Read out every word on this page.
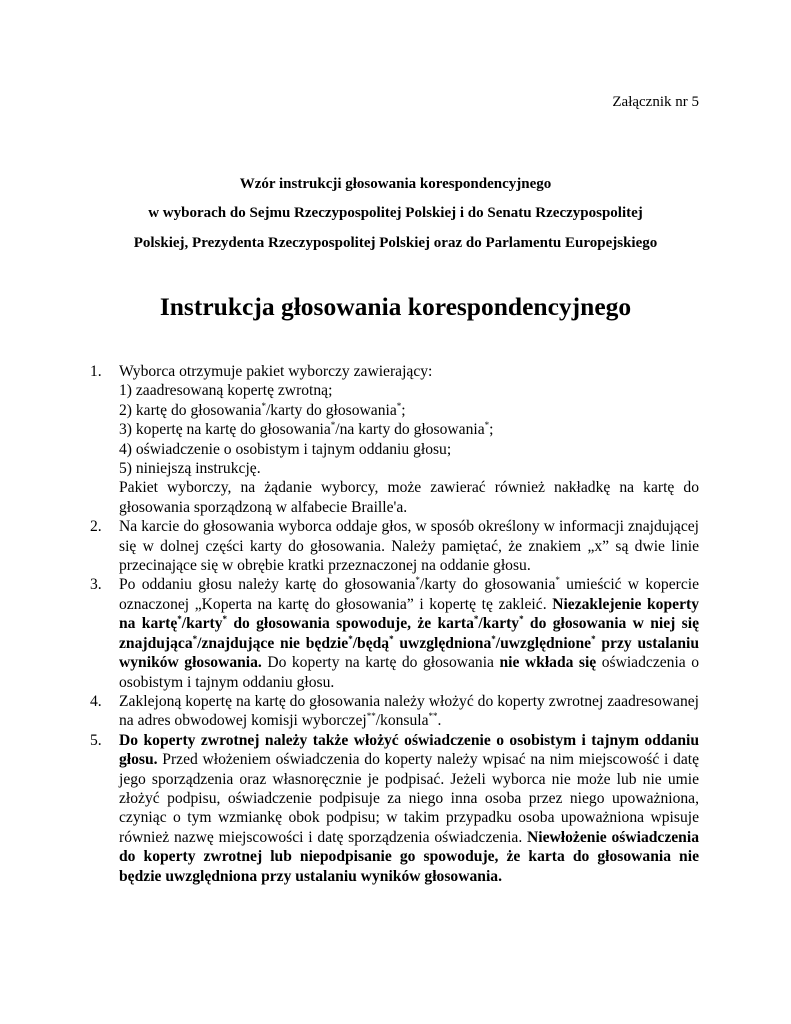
Załącznik nr 5
Wzór instrukcji głosowania korespondencyjnego
w wyborach do Sejmu Rzeczypospolitej Polskiej i do Senatu Rzeczypospolitej
Polskiej, Prezydenta Rzeczypospolitej Polskiej oraz do Parlamentu Europejskiego
Instrukcja głosowania korespondencyjnego
1. Wyborca otrzymuje pakiet wyborczy zawierający:
1) zaadresowaną kopertę zwrotną;
2) kartę do głosowania*/karty do głosowania*;
3) kopertę na kartę do głosowania*/na karty do głosowania*;
4) oświadczenie o osobistym i tajnym oddaniu głosu;
5) niniejszą instrukcję.
Pakiet wyborczy, na żądanie wyborcy, może zawierać również nakładkę na kartę do głosowania sporządzoną w alfabecie Braille'a.
2. Na karcie do głosowania wyborca oddaje głos, w sposób określony w informacji znajdującej się w dolnej części karty do głosowania. Należy pamiętać, że znakiem „x” są dwie linie przecinające się w obrębie kratki przeznaczonej na oddanie głosu.
3. Po oddaniu głosu należy kartę do głosowania*/karty do głosowania* umieścić w kopercie oznaczonej „Koperta na kartę do głosowania” i kopertę tę zakleić. Niezaklejenie koperty na kartę*/karty* do głosowania spowoduje, że karta*/karty* do głosowania w niej się znajdująca*/znajdujące nie będzie*/będą* uwzględniona*/uwzględnione* przy ustalaniu wyników głosowania. Do koperty na kartę do głosowania nie wkłada się oświadczenia o osobistym i tajnym oddaniu głosu.
4. Zaklejoną kopertę na kartę do głosowania należy włożyć do koperty zwrotnej zaadresowanej na adres obwodowej komisji wyborczej**/konsula**.
5. Do koperty zwrotnej należy także włożyć oświadczenie o osobistym i tajnym oddaniu głosu. Przed włożeniem oświadczenia do koperty należy wpisać na nim miejscowość i datę jego sporządzenia oraz własnoręcznie je podpisać. Jeżeli wyborca nie może lub nie umie złożyć podpisu, oświadczenie podpisuje za niego inna osoba przez niego upoważniona, czyniąc o tym wzmiankę obok podpisu; w takim przypadku osoba upoważniona wpisuje również nazwę miejscowości i datę sporządzenia oświadczenia. Niewłożenie oświadczenia do koperty zwrotnej lub niepodpisanie go spowoduje, że karta do głosowania nie będzie uwzględniona przy ustalaniu wyników głosowania.
